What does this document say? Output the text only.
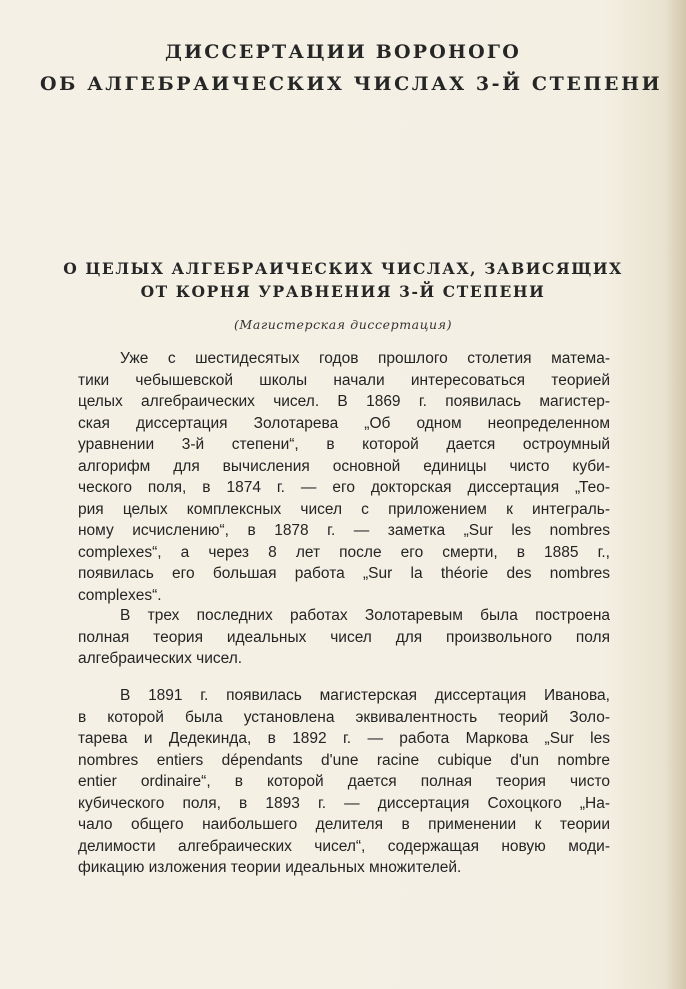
ДИССЕРТАЦИИ ВОРОНОГО
ОБ АЛГЕБРАИЧЕСКИХ ЧИСЛАХ 3-Й СТЕПЕНИ
О ЦЕЛЫХ АЛГЕБРАИЧЕСКИХ ЧИСЛАХ, ЗАВИСЯЩИХ
ОТ КОРНЯ УРАВНЕНИЯ 3-Й СТЕПЕНИ
(Магистерская диссертация)
Уже с шестидесятых годов прошлого столетия матема-
тики чебышевской школы начали интересоваться теорией
целых алгебраических чисел. В 1869 г. появилась магистер-
ская диссертация Золотарева „Об одном неопределенном
уравнении 3-й степени“, в которой дается остроумный
алгорифм для вычисления основной единицы чисто куби-
ческого поля, в 1874 г. — его докторская диссертация „Тео-
рия целых комплексных чисел с приложением к интеграль-
ному исчислению“, в 1878 г. — заметка „Sur les nombres
complexes“, а через 8 лет после его смерти, в 1885 г.,
появилась его большая работа „Sur la théorie des nombres
complexes“.
В трех последних работах Золотаревым была построена
полная теория идеальных чисел для произвольного поля
алгебраических чисел.
В 1891 г. появилась магистерская диссертация Иванова,
в которой была установлена эквивалентность теорий Золо-
тарева и Дедекинда, в 1892 г. — работа Маркова „Sur les
nombres entiers dépendants d'une racine cubique d'un nombre
entier ordinaire“, в которой дается полная теория чисто
кубического поля, в 1893 г. — диссертация Сохоцкого „На-
чало общего наибольшего делителя в применении к теории
делимости алгебраических чисел“, содержащая новую моди-
фикацию изложения теории идеальных множителей.
